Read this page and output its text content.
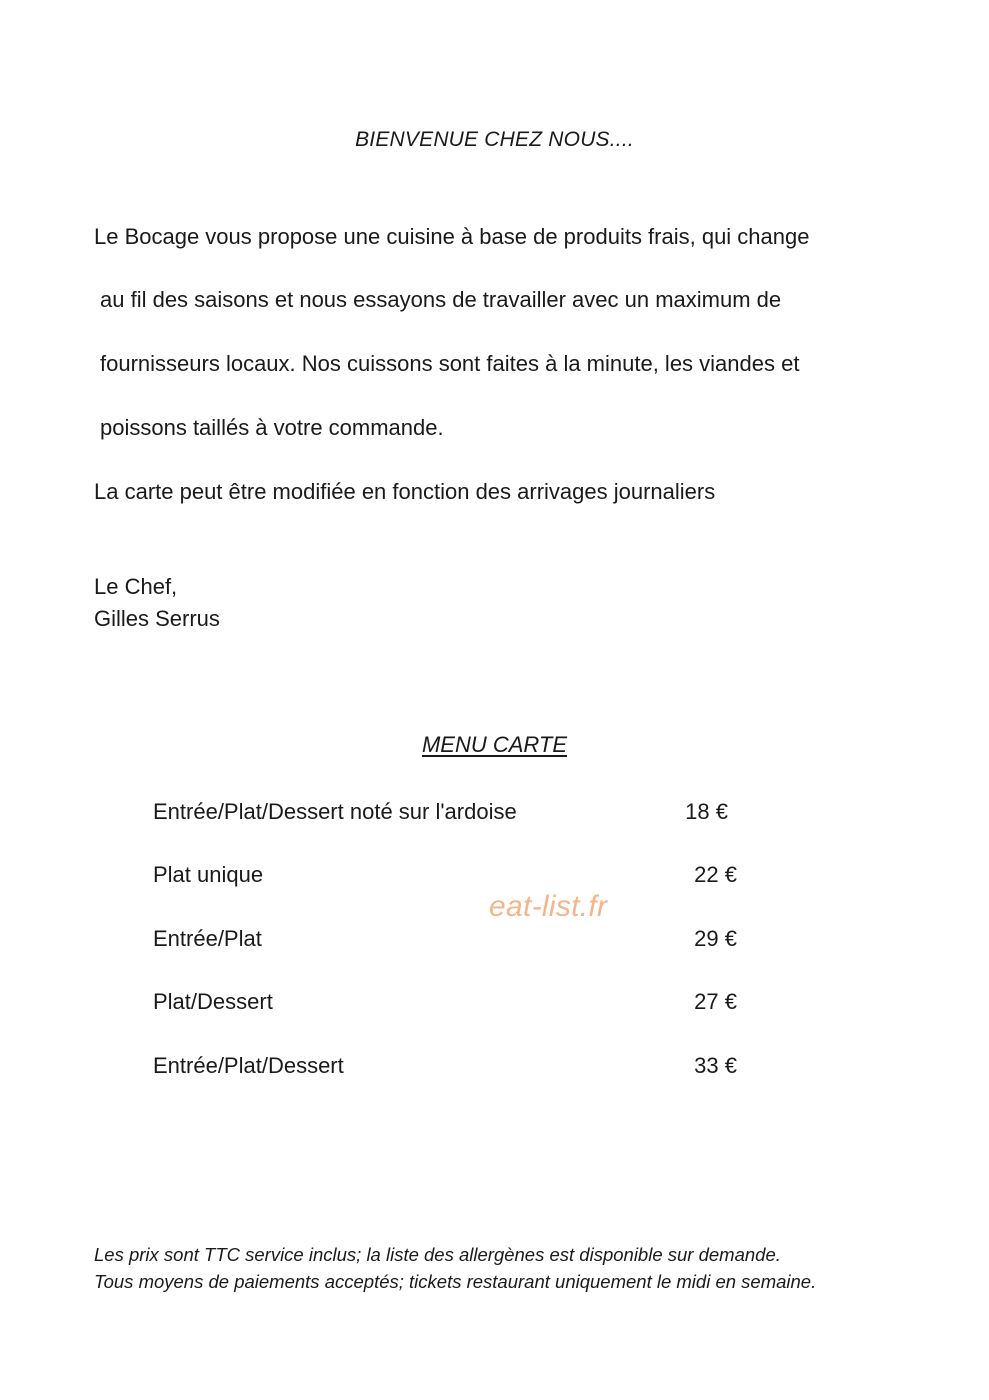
BIENVENUE CHEZ NOUS....
Le Bocage vous propose une cuisine à base de produits frais, qui change
au fil des saisons et nous essayons de travailler avec un maximum de
fournisseurs locaux. Nos cuissons sont faites à la minute, les viandes et
poissons taillés à votre commande.
La carte peut être modifiée en fonction des arrivages journaliers
Le Chef,
Gilles Serrus
MENU CARTE
Entrée/Plat/Dessert noté sur l'ardoise	18 €
Plat unique	22 €
Entrée/Plat	29 €
Plat/Dessert	27 €
Entrée/Plat/Dessert	33 €
eat-list.fr
Les prix sont TTC service inclus; la liste des allergènes est disponible sur demande.
Tous moyens de paiements acceptés; tickets restaurant uniquement le midi en semaine.
